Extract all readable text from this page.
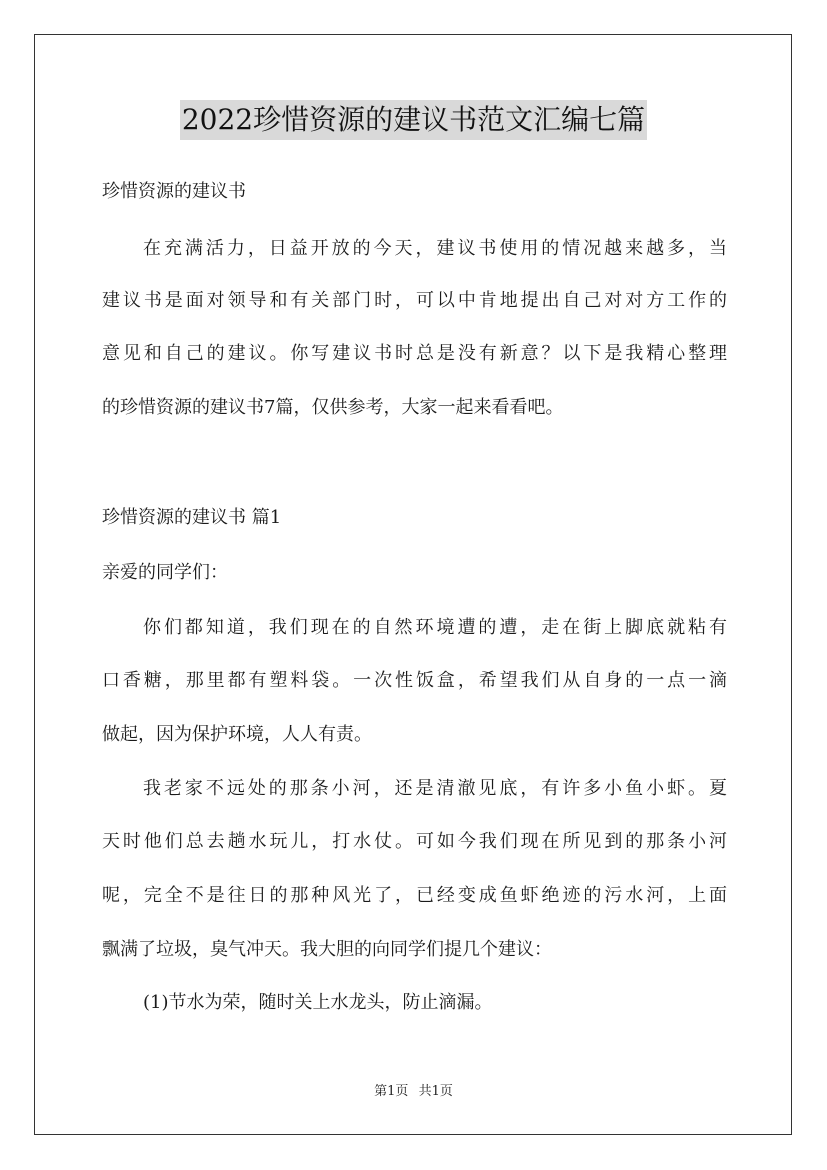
2022珍惜资源的建议书范文汇编七篇
珍惜资源的建议书
在充满活力，日益开放的今天，建议书使用的情况越来越多，当
建议书是面对领导和有关部门时，可以中肯地提出自己对对方工作的
意见和自己的建议。你写建议书时总是没有新意？以下是我精心整理
的珍惜资源的建议书7篇，仅供参考，大家一起来看看吧。
珍惜资源的建议书 篇1
亲爱的同学们：
你们都知道，我们现在的自然环境遭的遭，走在街上脚底就粘有
口香糖，那里都有塑料袋。一次性饭盒，希望我们从自身的一点一滴
做起，因为保护环境，人人有责。
我老家不远处的那条小河，还是清澈见底，有许多小鱼小虾。夏
天时他们总去趟水玩儿，打水仗。可如今我们现在所见到的那条小河
呢，完全不是往日的那种风光了，已经变成鱼虾绝迹的污水河，上面
飘满了垃圾，臭气冲天。我大胆的向同学们提几个建议：
(1)节水为荣，随时关上水龙头，防止滴漏。
第1页 共1页
